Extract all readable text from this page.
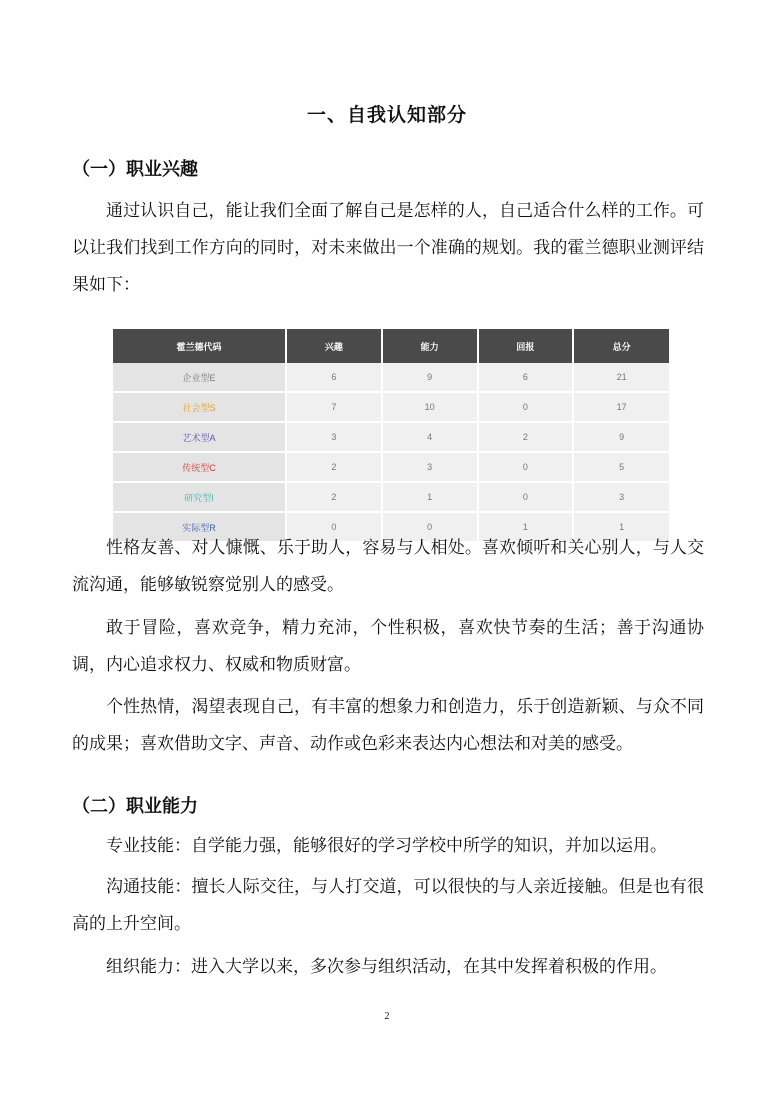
一、自我认知部分
（一）职业兴趣
通过认识自己，能让我们全面了解自己是怎样的人，自己适合什么样的工作。可以让我们找到工作方向的同时，对未来做出一个准确的规划。我的霍兰德职业测评结果如下：
霍兰德代码	兴趣	能力	回报	总分
企业型E	6	9	6	21
社会型S	7	10	0	17
艺术型A	3	4	2	9
传统型C	2	3	0	5
研究型I	2	1	0	3
实际型R	0	0	1	1
性格友善、对人慷慨、乐于助人，容易与人相处。喜欢倾听和关心别人，与人交流沟通，能够敏锐察觉别人的感受。
敢于冒险，喜欢竞争，精力充沛，个性积极，喜欢快节奏的生活；善于沟通协调，内心追求权力、权威和物质财富。
个性热情，渴望表现自己，有丰富的想象力和创造力，乐于创造新颖、与众不同的成果；喜欢借助文字、声音、动作或色彩来表达内心想法和对美的感受。
（二）职业能力
专业技能：自学能力强，能够很好的学习学校中所学的知识，并加以运用。
沟通技能：擅长人际交往，与人打交道，可以很快的与人亲近接触。但是也有很高的上升空间。
组织能力：进入大学以来，多次参与组织活动，在其中发挥着积极的作用。
2
